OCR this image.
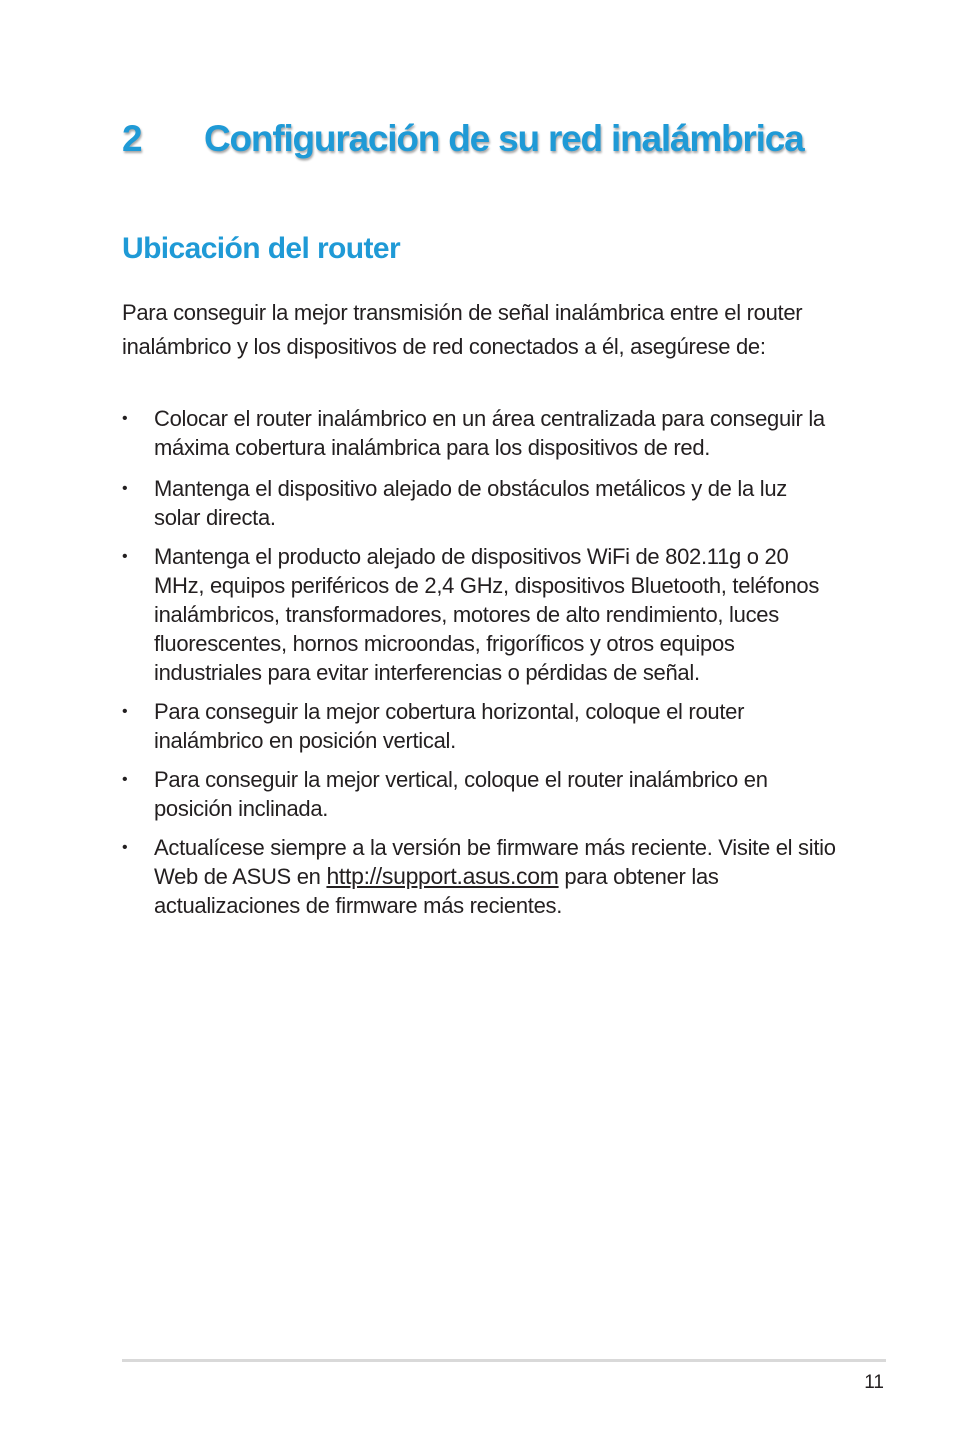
2 Configuración de su red inalámbrica
Ubicación del router

Para conseguir la mejor transmisión de señal inalámbrica entre el router inalámbrico y los dispositivos de red conectados a él, asegúrese de:

• Colocar el router inalámbrico en un área centralizada para conseguir la máxima cobertura inalámbrica para los dispositivos de red.
• Mantenga el dispositivo alejado de obstáculos metálicos y de la luz solar directa.
• Mantenga el producto alejado de dispositivos WiFi de 802.11g o 20 MHz, equipos periféricos de 2,4 GHz, dispositivos Bluetooth, teléfonos inalámbricos, transformadores, motores de alto rendimiento, luces fluorescentes, hornos microondas, frigoríficos y otros equipos industriales para evitar interferencias o pérdidas de señal.
• Para conseguir la mejor cobertura horizontal, coloque el router inalámbrico en posición vertical.
• Para conseguir la mejor vertical, coloque el router inalámbrico en posición inclinada.
• Actualícese siempre a la versión be firmware más reciente. Visite el sitio Web de ASUS en http://support.asus.com para obtener las actualizaciones de firmware más recientes.
11
